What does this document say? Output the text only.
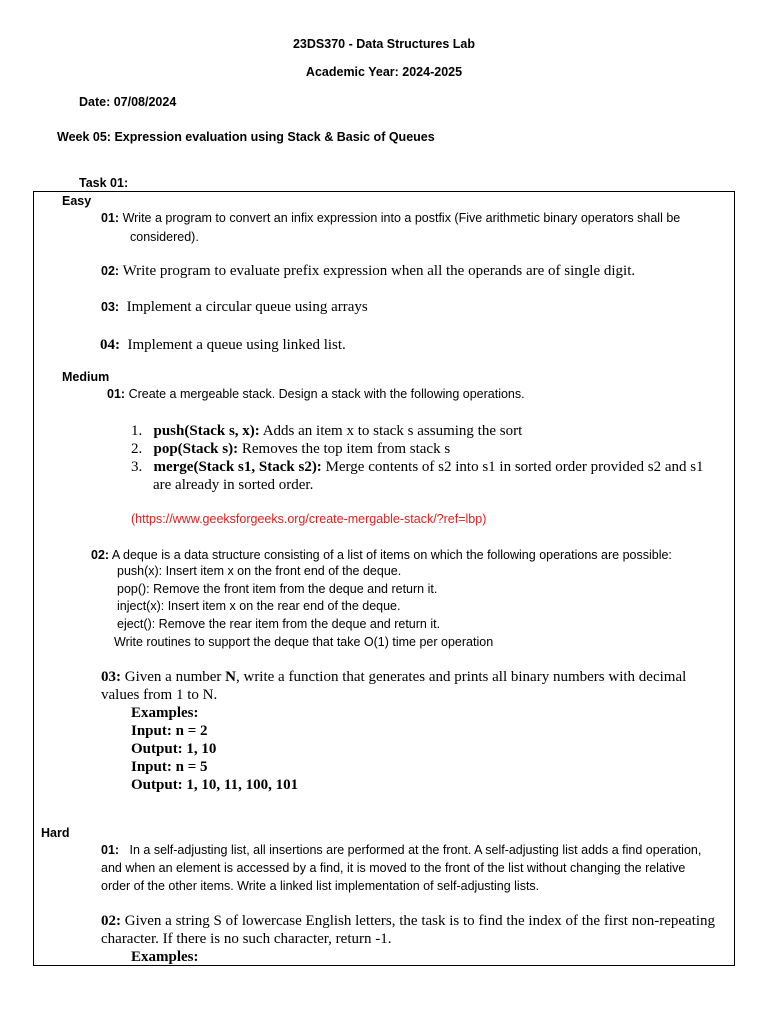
23DS370 - Data Structures Lab

Academic Year: 2024-2025

Date: 07/08/2024

Week 05: Expression evaluation using Stack & Basic of Queues

Task 01:

Easy

01: Write a program to convert an infix expression into a postfix (Five arithmetic binary operators shall be

considered).

02: Write program to evaluate prefix expression when all the operands are of single digit.

03: Implement a circular queue using arrays

04: Implement a queue using linked list.

Medium

01: Create a mergeable stack. Design a stack with the following operations.

1. push(Stack s, x): Adds an item x to stack s assuming the sort

2. pop(Stack s): Removes the top item from stack s

3. merge(Stack s1, Stack s2): Merge contents of s2 into s1 in sorted order provided s2 and s1

are already in sorted order.

(https://www.geeksforgeeks.org/create-mergable-stack/?ref=lbp)

02: A deque is a data structure consisting of a list of items on which the following operations are possible:

push(x): Insert item x on the front end of the deque.

pop(): Remove the front item from the deque and return it.

inject(x): Insert item x on the rear end of the deque.

eject(): Remove the rear item from the deque and return it.

Write routines to support the deque that take O(1) time per operation

03: Given a number N, write a function that generates and prints all binary numbers with decimal

values from 1 to N.

Examples:

Input: n = 2

Output: 1, 10

Input: n = 5

Output: 1, 10, 11, 100, 101

Hard

01: In a self-adjusting list, all insertions are performed at the front. A self-adjusting list adds a find operation,

and when an element is accessed by a find, it is moved to the front of the list without changing the relative

order of the other items. Write a linked list implementation of self-adjusting lists.

02: Given a string S of lowercase English letters, the task is to find the index of the first non-repeating

character. If there is no such character, return -1.

Examples:
